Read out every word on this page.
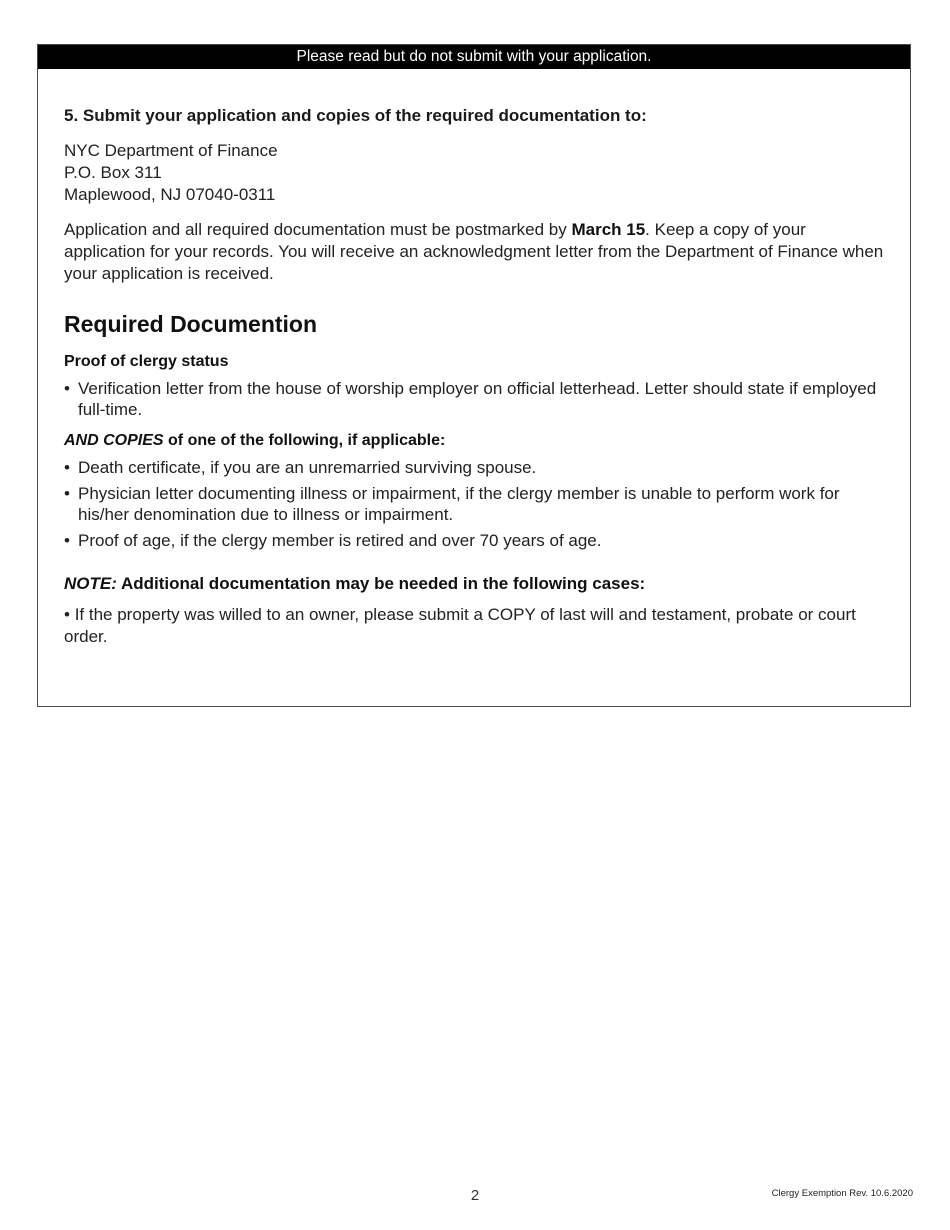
Please read but do not submit with your application.

5. Submit your application and copies of the required documentation to:

NYC Department of Finance
P.O. Box 311
Maplewood, NJ 07040-0311
Application and all required documentation must be postmarked by March 15. Keep a copy of your application for your records. You will receive an acknowledgment letter from the Department of Finance when your application is received.
Required Documention
Proof of clergy status
• Verification letter from the house of worship employer on official letterhead. Letter should state if employed full-time.
AND COPIES of one of the following, if applicable:
• Death certificate, if you are an unremarried surviving spouse.
• Physician letter documenting illness or impairment, if the clergy member is unable to perform work for his/her denomination due to illness or impairment.
• Proof of age, if the clergy member is retired and over 70 years of age.
NOTE: Additional documentation may be needed in the following cases:
• If the property was willed to an owner, please submit a COPY of last will and testament, probate or court order.
2	Clergy Exemption Rev. 10.6.2020
